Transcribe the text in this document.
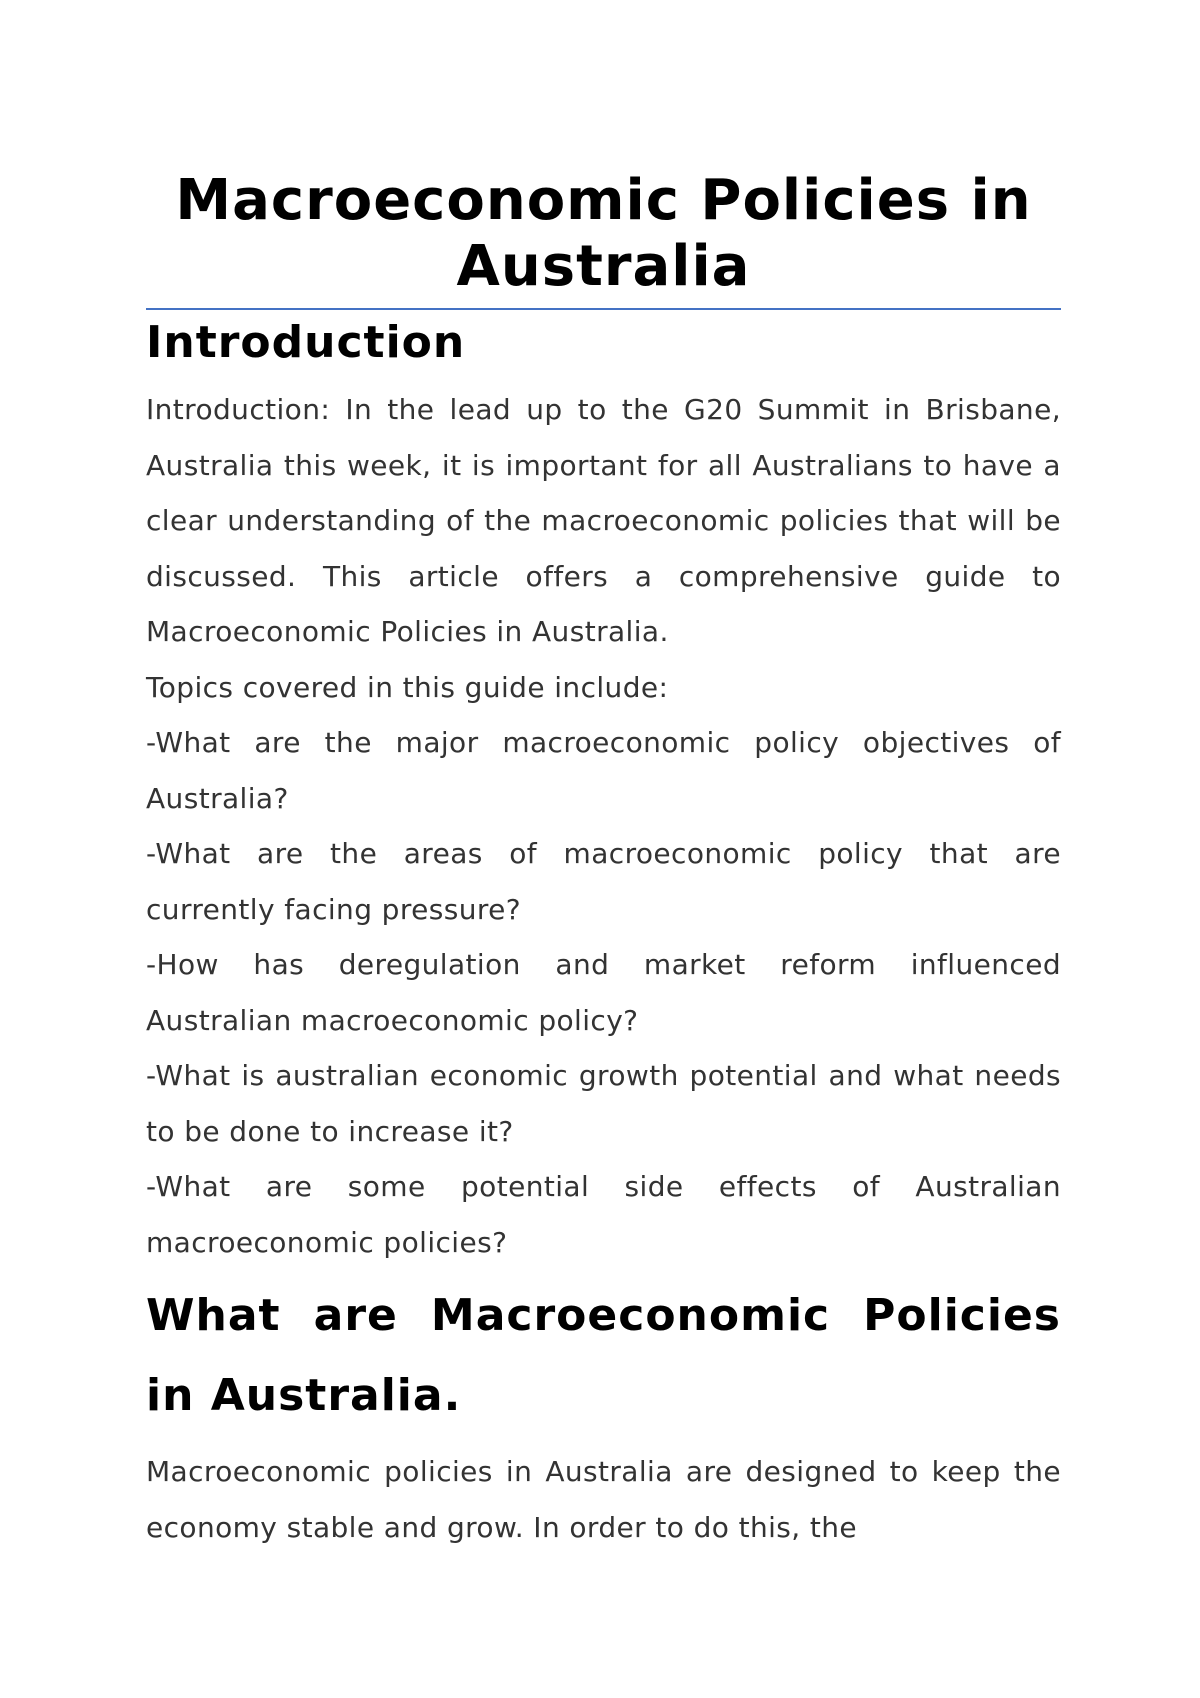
Macroeconomic Policies in Australia
Introduction

Introduction: In the lead up to the G20 Summit in Brisbane, Australia this week, it is important for all Australians to have a clear understanding of the macroeconomic policies that will be discussed. This article offers a comprehensive guide to Macroeconomic Policies in Australia.

Topics covered in this guide include:

-What are the major macroeconomic policy objectives of Australia?

-What are the areas of macroeconomic policy that are currently facing pressure?

-How has deregulation and market reform influenced Australian macroeconomic policy?

-What is australian economic growth potential and what needs to be done to increase it?

-What are some potential side effects of Australian macroeconomic policies?

What are Macroeconomic Policies in Australia.

Macroeconomic policies in Australia are designed to keep the economy stable and grow. In order to do this, the
